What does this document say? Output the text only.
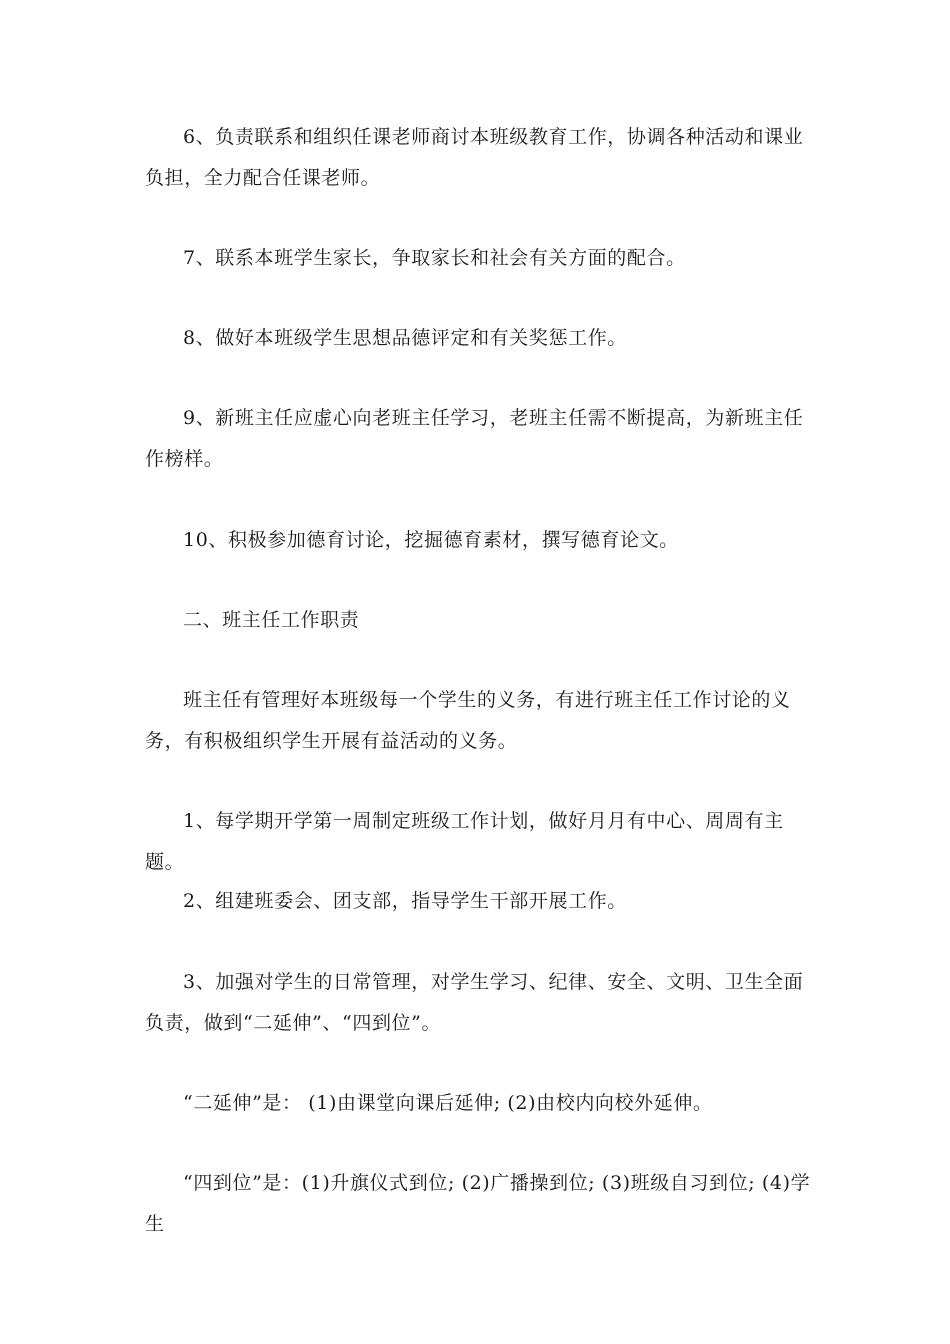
6、负责联系和组织任课老师商讨本班级教育工作，协调各种活动和课业负担，全力配合任课老师。

7、联系本班学生家长，争取家长和社会有关方面的配合。

8、做好本班级学生思想品德评定和有关奖惩工作。

9、新班主任应虚心向老班主任学习，老班主任需不断提高，为新班主任作榜样。

10、积极参加德育讨论，挖掘德育素材，撰写德育论文。

二、班主任工作职责

班主任有管理好本班级每一个学生的义务，有进行班主任工作讨论的义务，有积极组织学生开展有益活动的义务。

1、每学期开学第一周制定班级工作计划，做好月月有中心、周周有主题。

2、组建班委会、团支部，指导学生干部开展工作。

3、加强对学生的日常管理，对学生学习、纪律、安全、文明、卫生全面负责，做到“二延伸”、“四到位”。

“二延伸”是： (1)由课堂向课后延伸; (2)由校内向校外延伸。

“四到位”是：(1)升旗仪式到位; (2)广播操到位; (3)班级自习到位; (4)学生
